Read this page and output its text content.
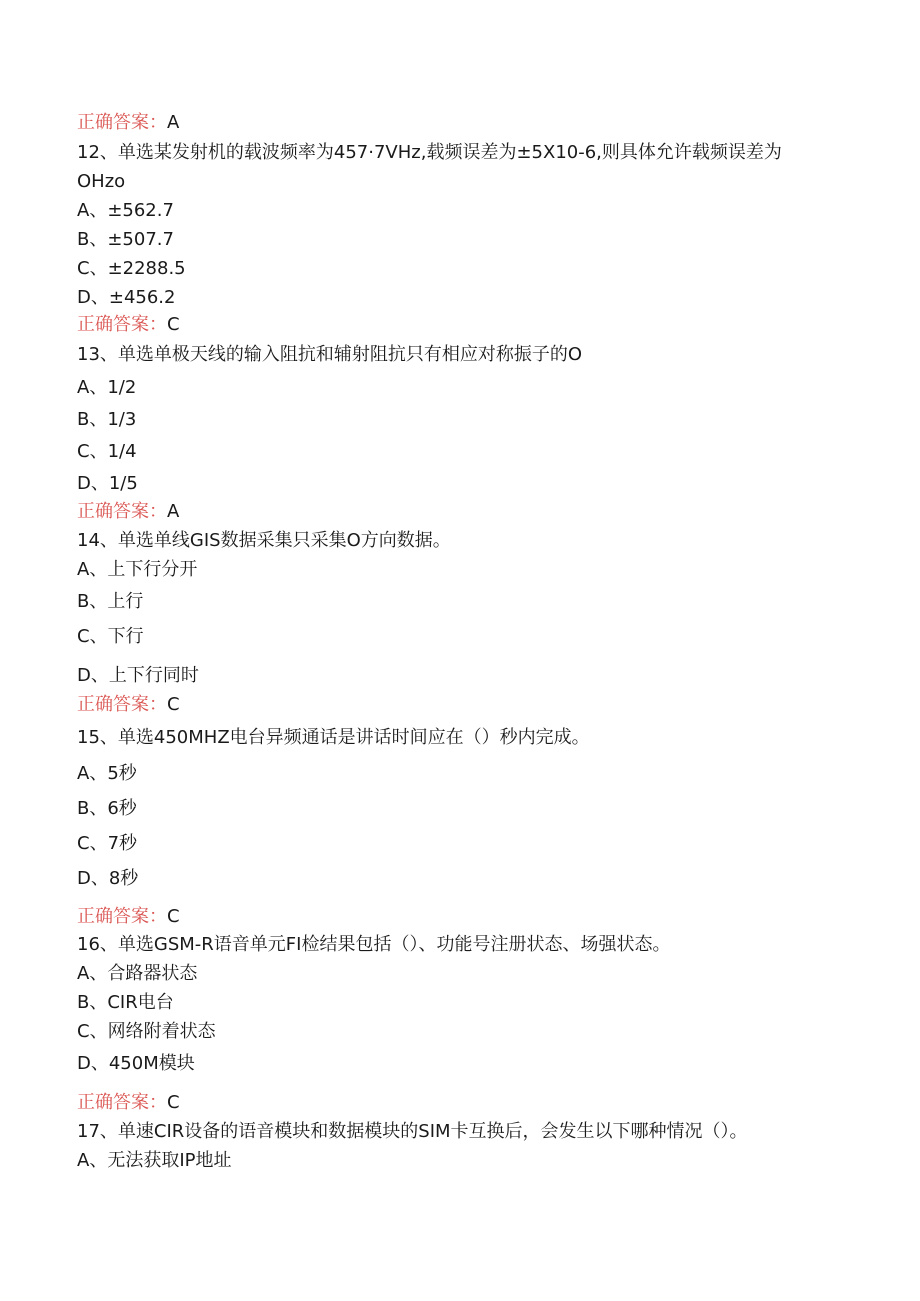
正确答案：A
12、单选某发射机的载波频率为457·7VHz,载频误差为±5X10-6,则具体允许载频误差为
OHzo
A、±562.7
B、±507.7
C、±2288.5
D、±456.2
正确答案：C
13、单选单极天线的输入阻抗和辅射阻抗只有相应对称振子的O
A、1/2
B、1/3
C、1/4
D、1/5
正确答案：A
14、单选单线GIS数据采集只采集O方向数据。
A、上下行分开
B、上行
C、下行
D、上下行同时
正确答案：C
15、单选450MHZ电台异频通话是讲话时间应在（）秒内完成。
A、5秒
B、6秒
C、7秒
D、8秒
正确答案：C
16、单选GSM-R语音单元FI检结果包括（）、功能号注册状态、场强状态。
A、合路器状态
B、CIR电台
C、网络附着状态
D、450M模块
正确答案：C
17、单速CIR设备的语音模块和数据模块的SIM卡互换后，会发生以下哪种情况（）。
A、无法获取IP地址
